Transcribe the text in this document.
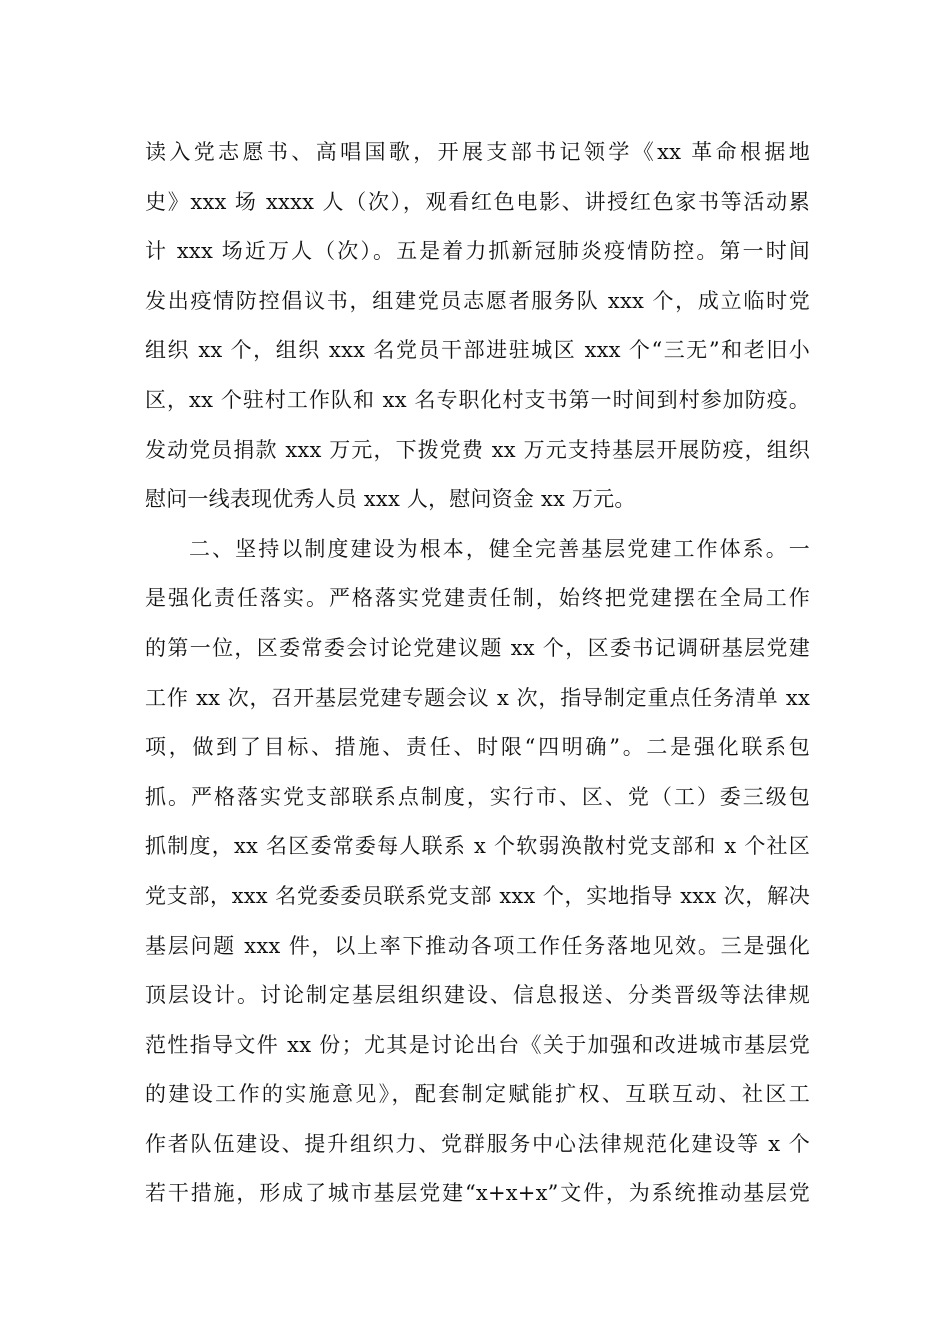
读入党志愿书、高唱国歌，开展支部书记领学《xx 革命根据地
史》xxx 场 xxxx 人（次），观看红色电影、讲授红色家书等活动累
计 xxx 场近万人（次）。五是着力抓新冠肺炎疫情防控。第一时间
发出疫情防控倡议书，组建党员志愿者服务队 xxx 个，成立临时党
组织 xx 个，组织 xxx 名党员干部进驻城区 xxx 个“三无”和老旧小
区，xx 个驻村工作队和 xx 名专职化村支书第一时间到村参加防疫。
发动党员捐款 xxx 万元，下拨党费 xx 万元支持基层开展防疫，组织
慰问一线表现优秀人员 xxx 人，慰问资金 xx 万元。
二、坚持以制度建设为根本，健全完善基层党建工作体系。一
是强化责任落实。严格落实党建责任制，始终把党建摆在全局工作
的第一位，区委常委会讨论党建议题 xx 个，区委书记调研基层党建
工作 xx 次，召开基层党建专题会议 x 次，指导制定重点任务清单 xx
项，做到了目标、措施、责任、时限“四明确”。二是强化联系包
抓。严格落实党支部联系点制度，实行市、区、党（工）委三级包
抓制度，xx 名区委常委每人联系 x 个软弱涣散村党支部和 x 个社区
党支部，xxx 名党委委员联系党支部 xxx 个，实地指导 xxx 次，解决
基层问题 xxx 件，以上率下推动各项工作任务落地见效。三是强化
顶层设计。讨论制定基层组织建设、信息报送、分类晋级等法律规
范性指导文件 xx 份；尤其是讨论出台《关于加强和改进城市基层党
的建设工作的实施意见》，配套制定赋能扩权、互联互动、社区工
作者队伍建设、提升组织力、党群服务中心法律规范化建设等 x 个
若干措施，形成了城市基层党建“x+x+x”文件，为系统推动基层党
